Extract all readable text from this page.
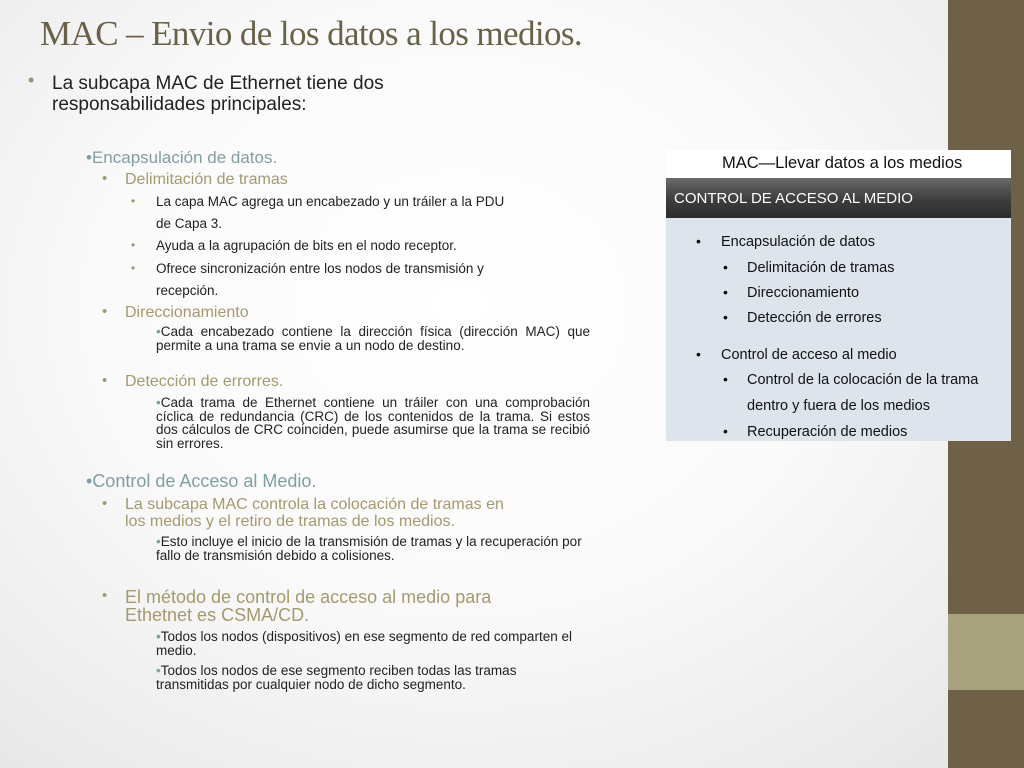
MAC – Envio de los datos a los medios.
• La subcapa MAC de Ethernet tiene dos

responsabilidades principales:

•Encapsulación de datos.

• Delimitación de tramas

• La capa MAC agrega un encabezado y un tráiler a la PDU

de Capa 3.

• Ayuda a la agrupación de bits en el nodo receptor.

• Ofrece sincronización entre los nodos de transmisión y

recepción.

• Direccionamiento

•Cada encabezado contiene la dirección física (dirección MAC) que permite a una trama se envie a un nodo de destino.

• Detección de errorres.

•Cada trama de Ethernet contiene un tráiler con una comprobación cíclica de redundancia (CRC) de los contenidos de la trama. Si estos dos cálculos de CRC coinciden, puede asumirse que la trama se recibió sin errores.

•Control de Acceso al Medio.

• La subcapa MAC controla la colocación de tramas en

los medios y el retiro de tramas de los medios.

•Esto incluye el inicio de la transmisión de tramas y la recuperación por fallo de transmisión debido a colisiones.

• El método de control de acceso al medio para

Ethetnet es CSMA/CD.

•Todos los nodos (dispositivos) en ese segmento de red comparten el medio.

•Todos los nodos de ese segmento reciben todas las tramas transmitidas por cualquier nodo de dicho segmento.

MAC—Llevar datos a los medios
CONTROL DE ACCESO AL MEDIO
• Encapsulación de datos
• Delimitación de tramas
• Direccionamiento
• Detección de errores
• Control de acceso al medio
• Control de la colocación de la trama
dentro y fuera de los medios
• Recuperación de medios
